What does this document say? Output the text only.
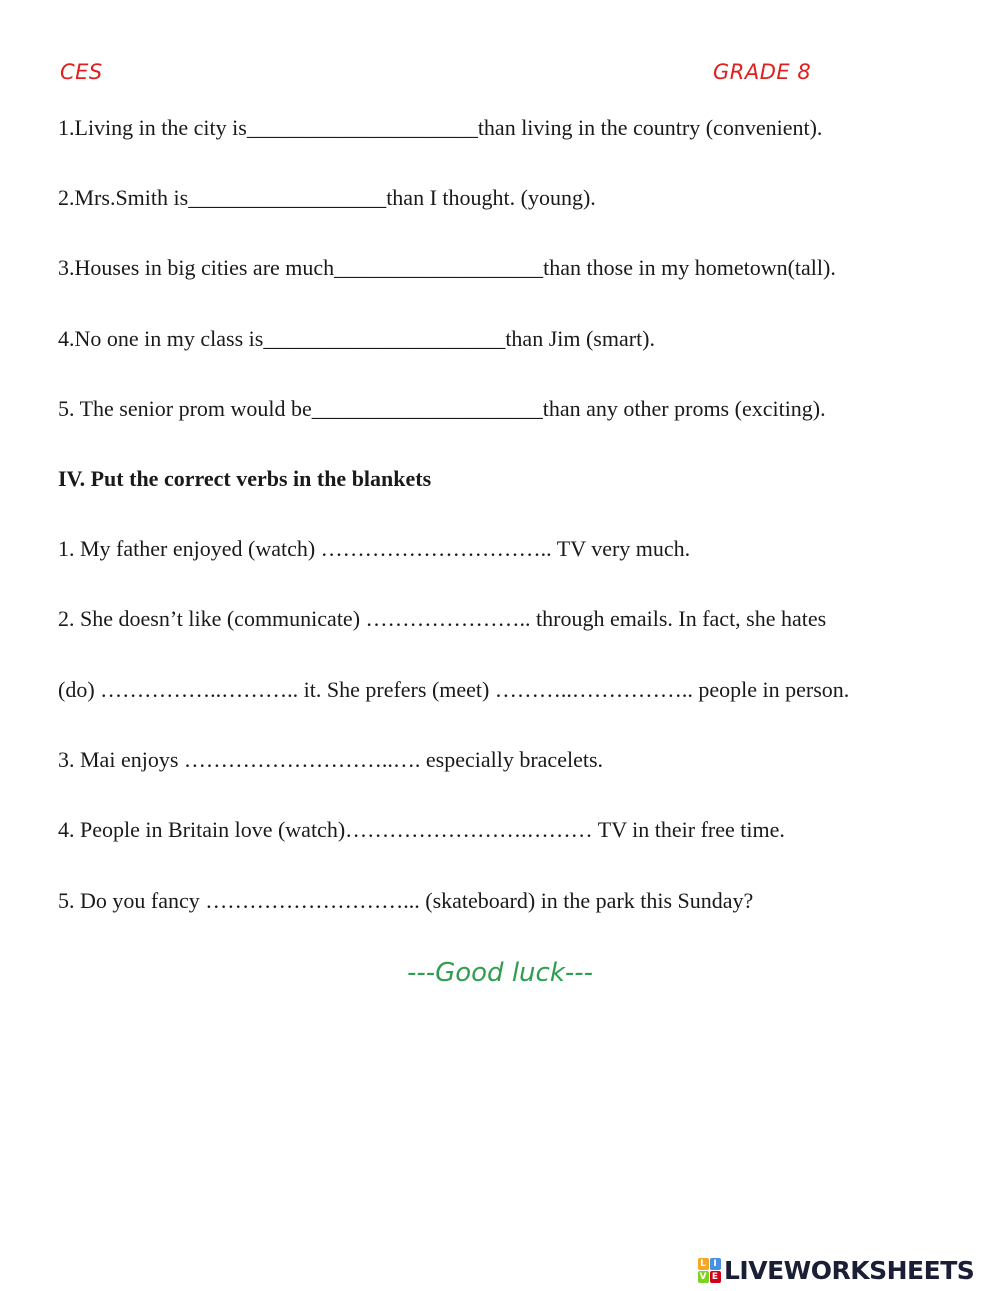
CES	GRADE 8
1.Living in the city is_____________________than living in the country (convenient).
2.Mrs.Smith is__________________than I thought. (young).
3.Houses in big cities are much___________________than those in my hometown(tall).
4.No one in my class is______________________than Jim (smart).
5. The senior prom would be_____________________than any other proms (exciting).
IV. Put the correct verbs in the blankets
1. My father enjoyed (watch) ………………………….. TV very much.
2. She doesn’t like (communicate) ………………….. through emails. In fact, she hates
(do) ……………..……….. it. She prefers (meet) ………..…………….. people in person.
3. Mai enjoys ………………………..…. especially bracelets.
4. People in Britain love (watch)…………………….……… TV in their free time.
5. Do you fancy ………………………... (skateboard) in the park this Sunday?
---Good luck---
L I
V E LIVEWORKSHEETS
